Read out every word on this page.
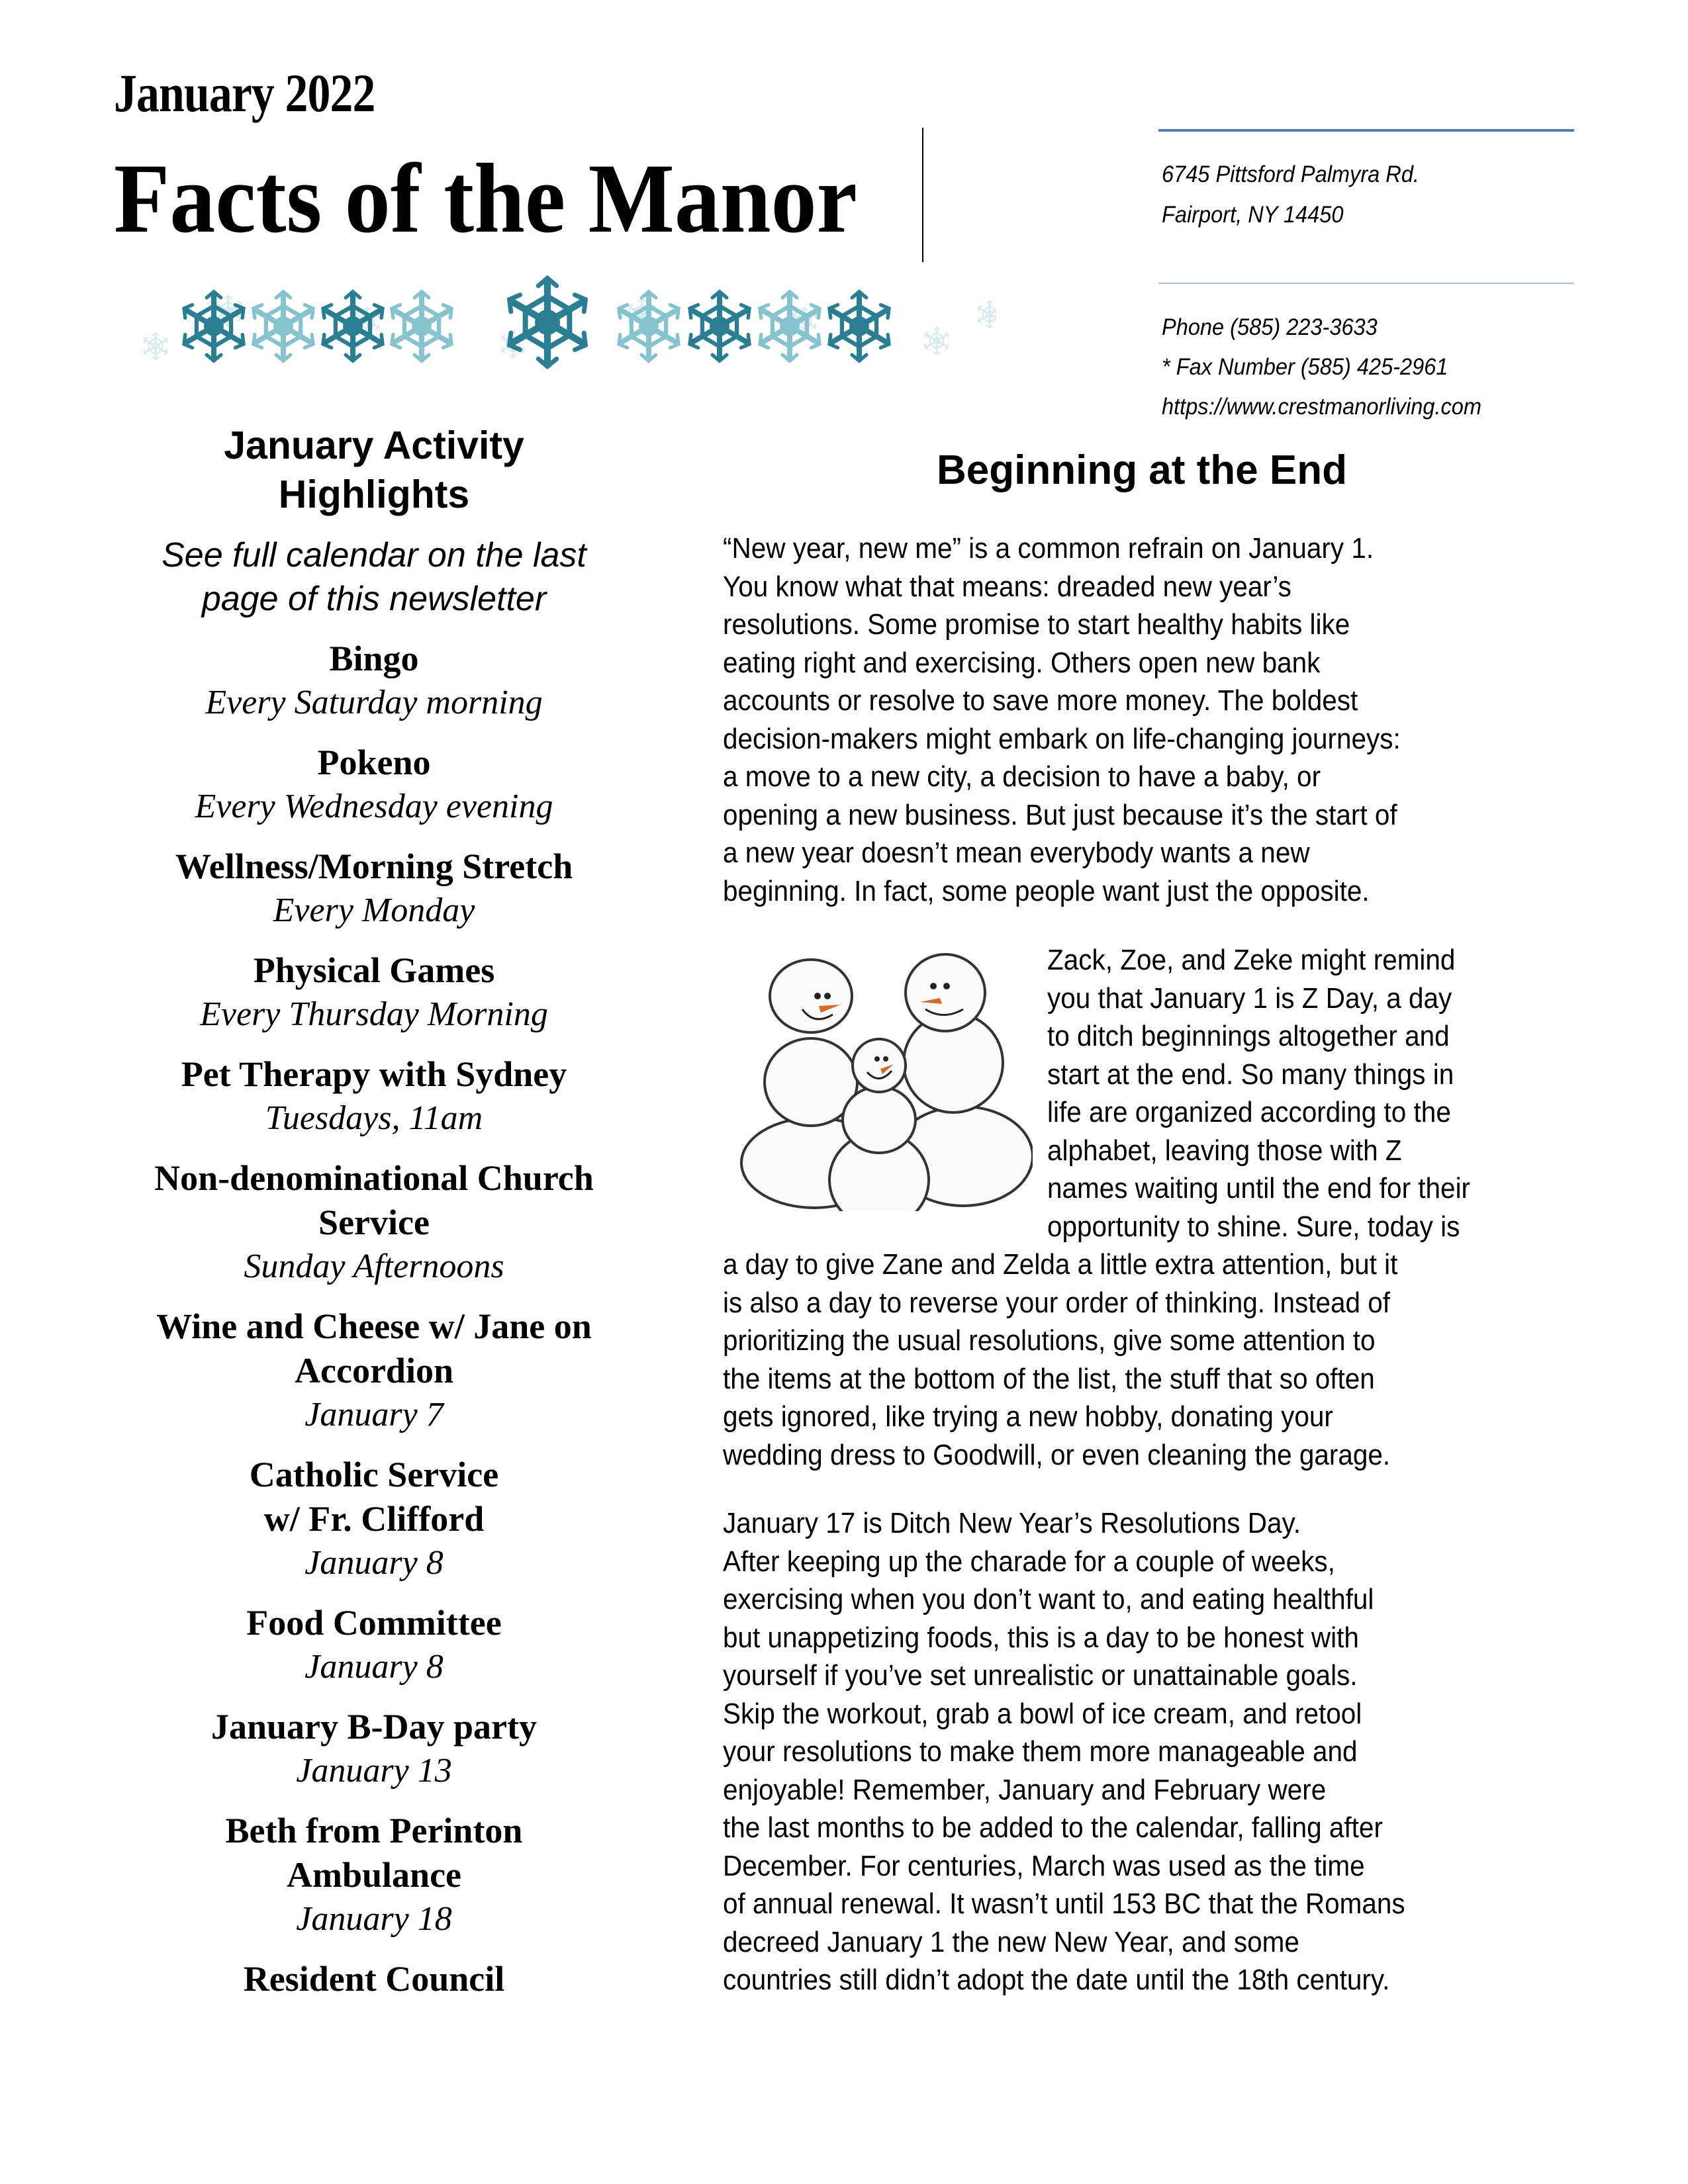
January 2022
Facts of the Manor	6745 Pittsford Palmyra Rd.
Fairport, NY 14450
Phone (585) 223-3633
* Fax Number (585) 425-2961
https://www.crestmanorliving.com
January Activity
Highlights
See full calendar on the last
page of this newsletter
Bingo
Every Saturday morning
Pokeno
Every Wednesday evening
Wellness/Morning Stretch
Every Monday
Physical Games
Every Thursday Morning
Pet Therapy with Sydney
Tuesdays, 11am
Non-denominational Church
Service
Sunday Afternoons
Wine and Cheese w/ Jane on
Accordion
January 7
Catholic Service
w/ Fr. Clifford
January 8
Food Committee
January 8
January B-Day party
January 13
Beth from Perinton
Ambulance
January 18
Resident Council
Beginning at the End
“New year, new me” is a common refrain on January 1.
You know what that means: dreaded new year’s
resolutions. Some promise to start healthy habits like
eating right and exercising. Others open new bank
accounts or resolve to save more money. The boldest
decision-makers might embark on life-changing journeys:
a move to a new city, a decision to have a baby, or
opening a new business. But just because it’s the start of
a new year doesn’t mean everybody wants a new
beginning. In fact, some people want just the opposite.
Zack, Zoe, and Zeke might remind
you that January 1 is Z Day, a day
to ditch beginnings altogether and
start at the end. So many things in
life are organized according to the
alphabet, leaving those with Z
names waiting until the end for their
opportunity to shine. Sure, today is
a day to give Zane and Zelda a little extra attention, but it
is also a day to reverse your order of thinking. Instead of
prioritizing the usual resolutions, give some attention to
the items at the bottom of the list, the stuff that so often
gets ignored, like trying a new hobby, donating your
wedding dress to Goodwill, or even cleaning the garage.
January 17 is Ditch New Year’s Resolutions Day.
After keeping up the charade for a couple of weeks,
exercising when you don’t want to, and eating healthful
but unappetizing foods, this is a day to be honest with
yourself if you’ve set unrealistic or unattainable goals.
Skip the workout, grab a bowl of ice cream, and retool
your resolutions to make them more manageable and
enjoyable! Remember, January and February were
the last months to be added to the calendar, falling after
December. For centuries, March was used as the time
of annual renewal. It wasn’t until 153 BC that the Romans
decreed January 1 the new New Year, and some
countries still didn’t adopt the date until the 18th century.
